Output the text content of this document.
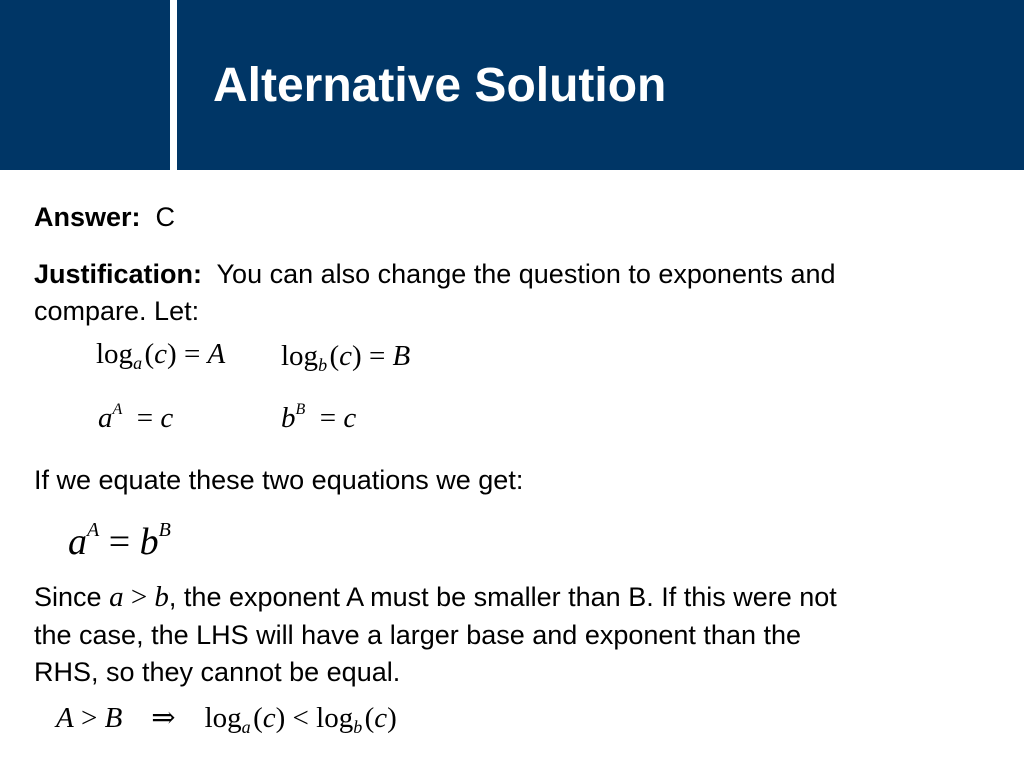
Alternative Solution
Answer: C
Justification: You can also change the question to exponents and
compare. Let:
$\log_a$ (c) = A $\log_b$ (c) = B
$a^A = c$	$b^B = c$
If we equate these two equations we get:
$a^A = b^B$
Since a > b, the exponent A must be smaller than B. If this were not
the case, the LHS will have a larger base and exponent than the
RHS, so they cannot be equal.
A > B    ⇒    $\log_a$ $(c) < \log_b$ (c)
